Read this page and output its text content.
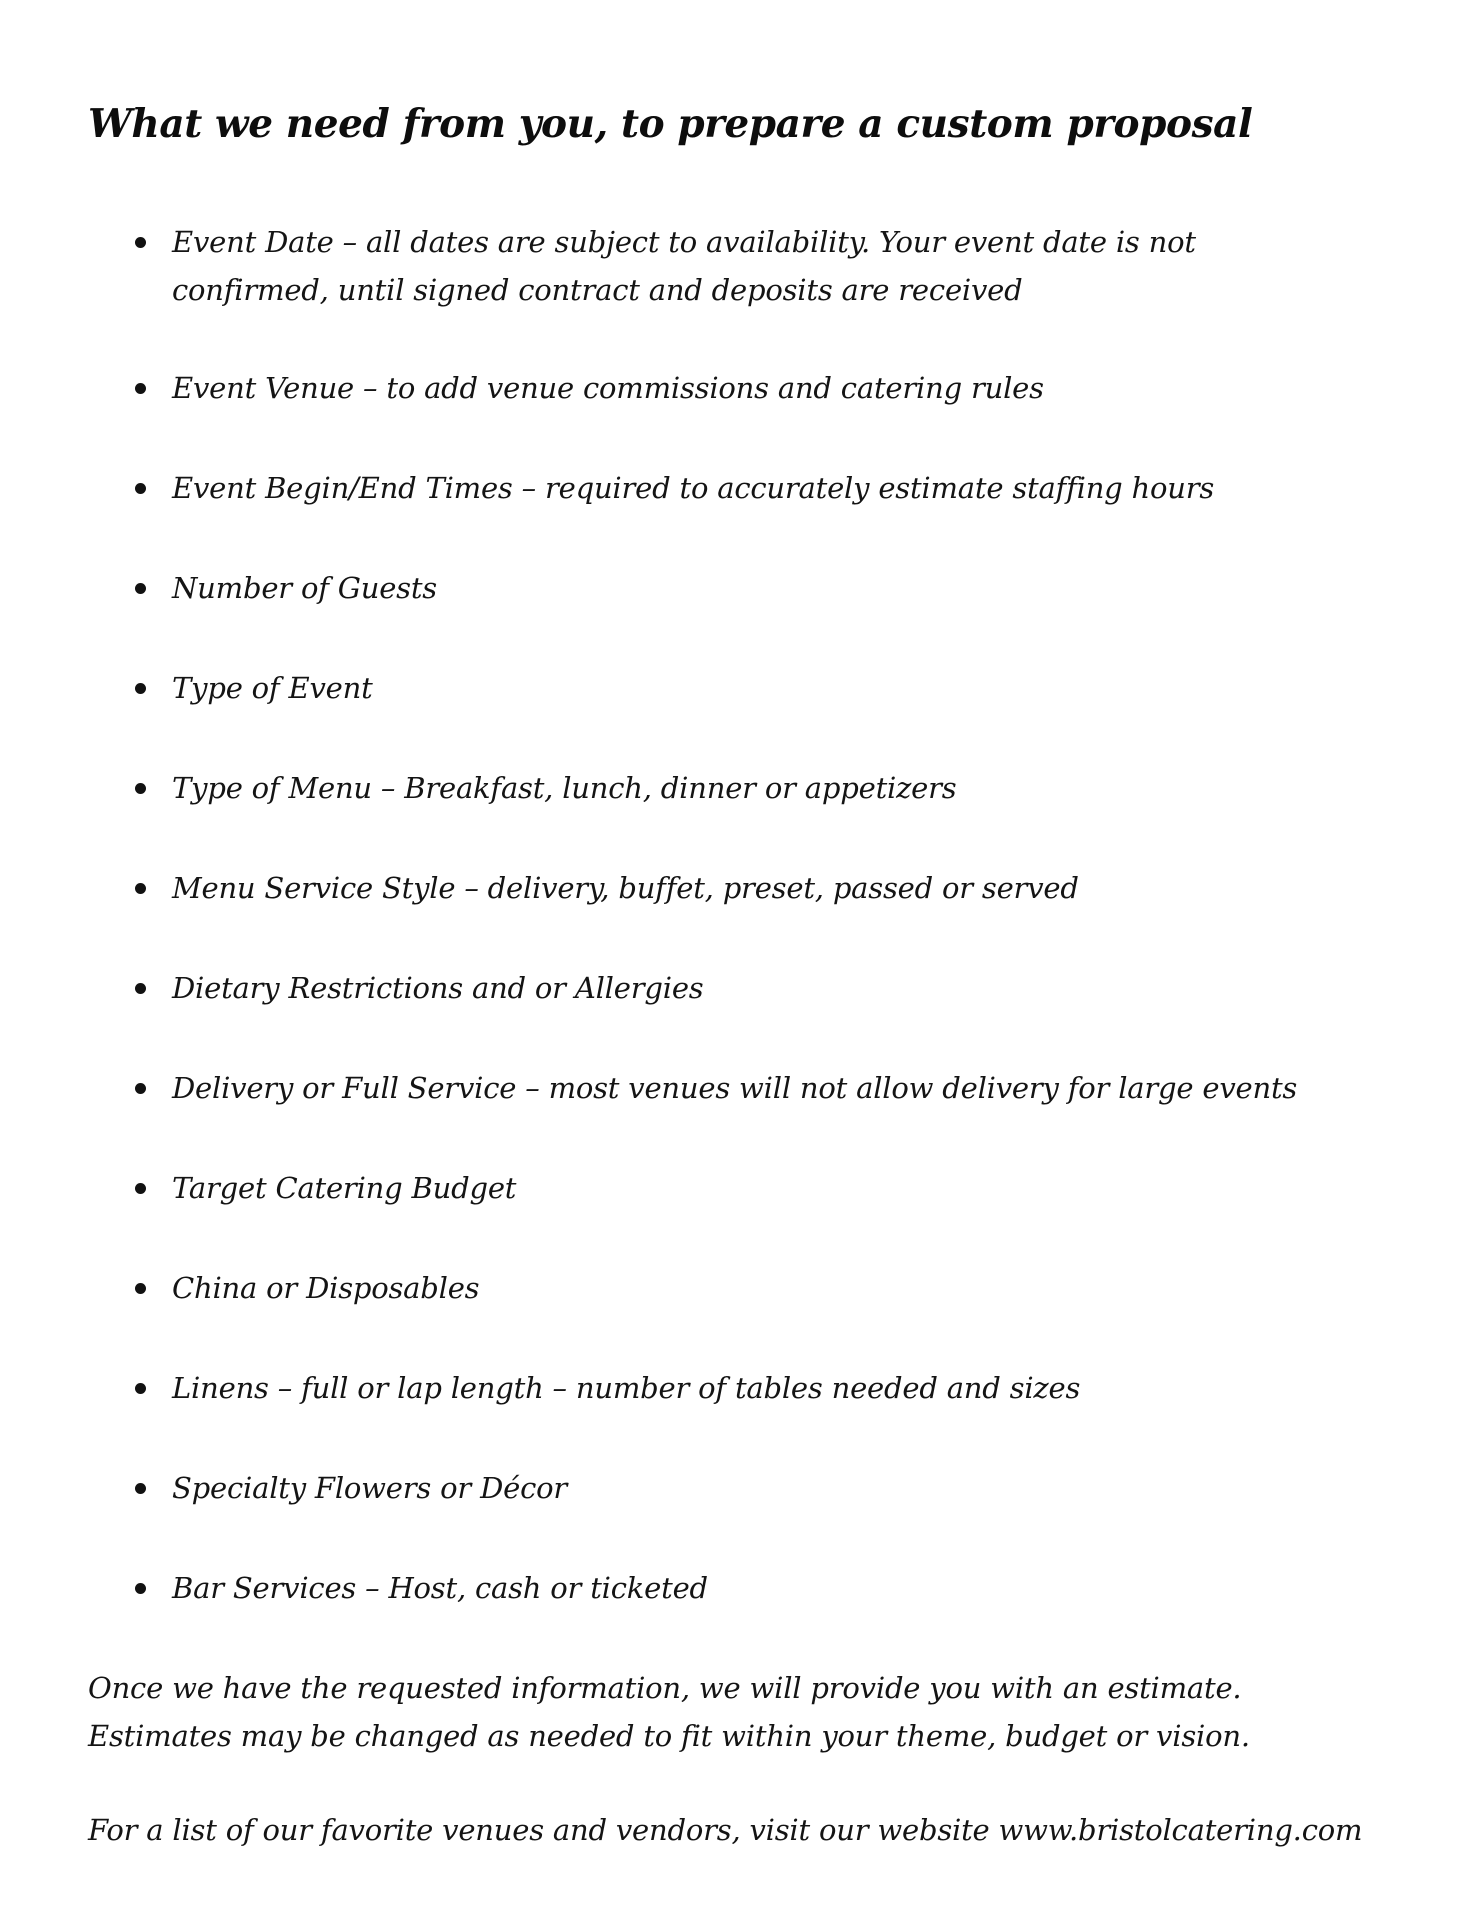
What we need from you, to prepare a custom proposal
Event Date – all dates are subject to availability. Your event date is not confirmed, until signed contract and deposits are received
Event Venue – to add venue commissions and catering rules
Event Begin/End Times – required to accurately estimate staffing hours
Number of Guests
Type of Event
Type of Menu – Breakfast, lunch, dinner or appetizers
Menu Service Style – delivery, buffet, preset, passed or served
Dietary Restrictions and or Allergies
Delivery or Full Service – most venues will not allow delivery for large events
Target Catering Budget
China or Disposables
Linens – full or lap length – number of tables needed and sizes
Specialty Flowers or Décor
Bar Services – Host, cash or ticketed

Once we have the requested information, we will provide you with an estimate. Estimates may be changed as needed to fit within your theme, budget or vision.

For a list of our favorite venues and vendors, visit our website www.bristolcatering.com
